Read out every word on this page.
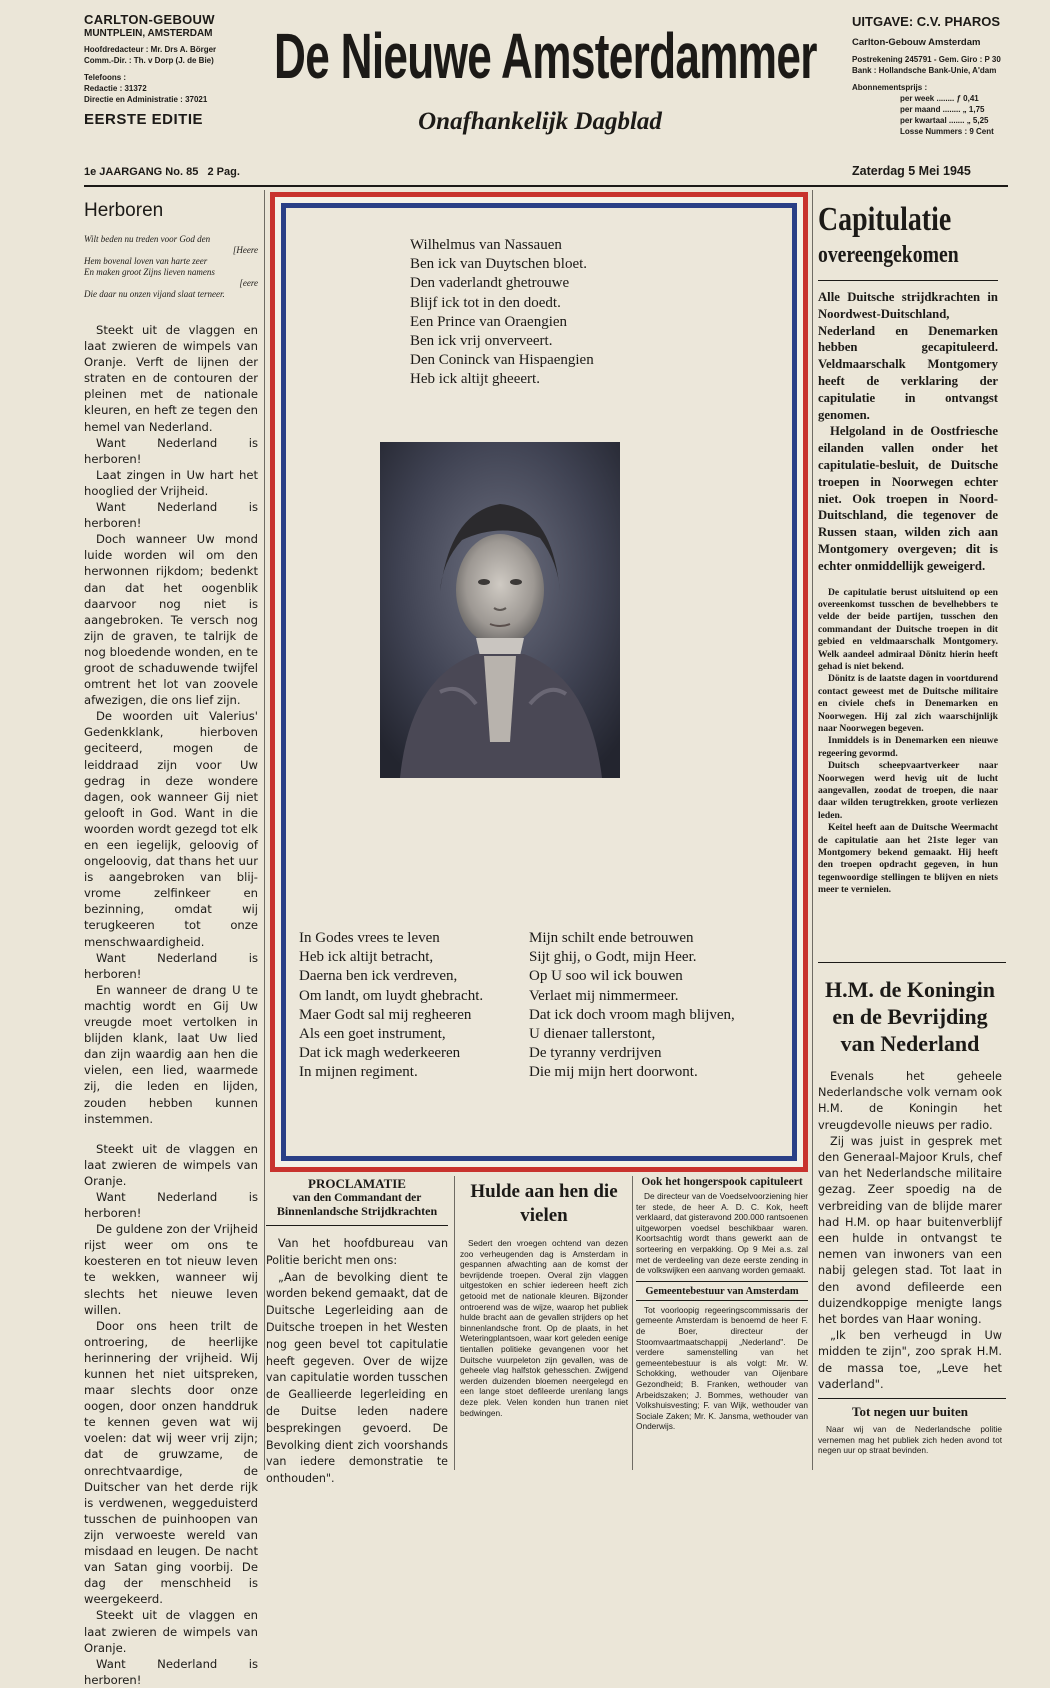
CARLTON-GEBOUW
MUNTPLEIN, AMSTERDAM
Hoofdredacteur : Mr. Drs A. Börger
Comm.-Dir. : Th. v Dorp (J. de Bie)
Telefoons :
Redactie : 31372
Directie en Administratie : 37021
EERSTE EDITIE
De Nieuwe Amsterdammer
Onafhankelijk Dagblad
UITGAVE: C.V. PHAROS
Carlton-Gebouw Amsterdam
Postrekening 245791 - Gem. Giro : P 30
Bank : Hollandsche Bank-Unie, A'dam
Abonnementsprijs :
per week ........ ƒ 0,41
per maand ........ „ 1,75
per kwartaal ....... „ 5,25
Losse Nummers : 9 Cent
1e JAARGANG No. 85   2 Pag.	Zaterdag 5 Mei 1945
Herboren
Wilt beden nu treden voor God den
[Heere
Hem bovenal loven van harte zeer
En maken groot Zijns lieven namens
[eere
Die daar nu onzen vijand slaat terneer.

Steekt uit de vlaggen en laat zwieren de wimpels van Oranje. Verft de lijnen der straten en de contouren der pleinen met de nationale kleuren, en heft ze tegen den hemel van Nederland.

Want Nederland is herboren!

Laat zingen in Uw hart het hooglied der Vrijheid.

Want Nederland is herboren!

Doch wanneer Uw mond luide worden wil om den herwonnen rijkdom; bedenkt dan dat het oogenblik daarvoor nog niet is aangebroken. Te versch nog zijn de graven, te talrijk de nog bloedende wonden, en te groot de schaduwende twijfel omtrent het lot van zoovele afwezigen, die ons lief zijn.

De woorden uit Valerius' Gedenkklank, hierboven geciteerd, mogen de leiddraad zijn voor Uw gedrag in deze wondere dagen, ook wanneer Gij niet gelooft in God. Want in die woorden wordt gezegd tot elk en een iegelijk, geloovig of ongeloovig, dat thans het uur is aangebroken van blij-vrome zelfinkeer en bezinning, omdat wij terugkeeren tot onze menschwaardigheid.

Want Nederland is herboren!

En wanneer de drang U te machtig wordt en Gij Uw vreugde moet vertolken in blijden klank, laat Uw lied dan zijn waardig aan hen die vielen, een lied, waarmede zij, die leden en lijden, zouden hebben kunnen instemmen.

Steekt uit de vlaggen en laat zwieren de wimpels van Oranje.

Want Nederland is herboren!

De guldene zon der Vrijheid rijst weer om ons te koesteren en tot nieuw leven te wekken, wanneer wij slechts het nieuwe leven willen.

Door ons heen trilt de ontroering, de heerlijke herinnering der vrijheid. Wij kunnen het niet uitspreken, maar slechts door onze oogen, door onzen handdruk te kennen geven wat wij voelen: dat wij weer vrij zijn; dat de gruwzame, de onrechtvaardige, de Duitscher van het derde rijk is verdwenen, weggeduisterd tusschen de puinhoopen van zijn verwoeste wereld van misdaad en leugen. De nacht van Satan ging voorbij. De dag der menschheid is weergekeerd.

Steekt uit de vlaggen en laat zwieren de wimpels van Oranje.

Want Nederland is herboren!

Wilhelmus van Nassauen
Ben ick van Duytschen bloet.
Den vaderlandt ghetrouwe
Blijf ick tot in den doedt.
Een Prince van Oraengien
Ben ick vrij onverveert.
Den Coninck van Hispaengien
Heb ick altijt gheeert.
In Godes vrees te leven
Heb ick altijt betracht,
Daerna ben ick verdreven,
Om landt, om luydt ghebracht.
Maer Godt sal mij regheeren
Als een goet instrument,
Dat ick magh wederkeeren
In mijnen regiment.
Mijn schilt ende betrouwen
Sijt ghij, o Godt, mijn Heer.
Op U soo wil ick bouwen
Verlaet mij nimmermeer.
Dat ick doch vroom magh blijven,
U dienaer tallerstont,
De tyranny verdrijven
Die mij mijn hert doorwont.
Capitulatie
overeengekomen
Alle Duitsche strijdkrachten in Noordwest-Duitschland, Nederland en Denemarken hebben gecapituleerd. Veldmaarschalk Montgomery heeft de verklaring der capitulatie in ontvangst genomen.
Helgoland in de Oostfriesche eilanden vallen onder het capitulatie-besluit, de Duitsche troepen in Noorwegen echter niet. Ook troepen in Noord-Duitschland, die tegenover de Russen staan, wilden zich aan Montgomery overgeven; dit is echter onmiddellijk geweigerd.

De capitulatie berust uitsluitend op een overeenkomst tusschen de bevelhebbers te velde der beide partijen, tusschen den commandant der Duitsche troepen in dit gebied en veldmaarschalk Montgomery. Welk aandeel admiraal Dönitz hierin heeft gehad is niet bekend.

Dönitz is de laatste dagen in voortdurend contact geweest met de Duitsche militaire en civiele chefs in Denemarken en Noorwegen. Hij zal zich waarschijnlijk naar Noorwegen begeven.

Inmiddels is in Denemarken een nieuwe regeering gevormd.

Duitsch scheepvaartverkeer naar Noorwegen werd hevig uit de lucht aangevallen, zoodat de troepen, die naar daar wilden terugtrekken, groote verliezen leden.

Keitel heeft aan de Duitsche Weermacht de capitulatie aan het 21ste leger van Montgomery bekend gemaakt. Hij heeft den troepen opdracht gegeven, in hun tegenwoordige stellingen te blijven en niets meer te vernielen.

H.M. de Koningin en de Bevrijding van Nederland

Evenals het geheele Nederlandsche volk vernam ook H.M. de Koningin het vreugdevolle nieuws per radio.

Zij was juist in gesprek met den Generaal-Majoor Kruls, chef van het Nederlandsche militaire gezag. Zeer spoedig na de verbreiding van de blijde marer had H.M. op haar buitenverblijf een hulde in ontvangst te nemen van inwoners van een nabij gelegen stad. Tot laat in den avond defileerde een duizendkoppige menigte langs het bordes van Haar woning.

„Ik ben verheugd in Uw midden te zijn", zoo sprak H.M. de massa toe, „Leve het vaderland".

Tot negen uur buiten
Naar wij van de Nederlandsche politie vernemen mag het publiek zich heden avond tot negen uur op straat bevinden.
PROCLAMATIE
van den Commandant der
Binnenlandsche Strijdkrachten

Van het hoofdbureau van Politie bericht men ons:

„Aan de bevolking dient te worden bekend gemaakt, dat de Duitsche Legerleiding aan de Duitsche troepen in het Westen nog geen bevel tot capitulatie heeft gegeven. Over de wijze van capitulatie worden tusschen de Geallieerde legerleiding en de Duitse leden nadere besprekingen gevoerd. De Bevolking dient zich voorshands van iedere demonstratie te onthouden".

Hulde aan hen die vielen
Sedert den vroegen ochtend van dezen zoo verheugenden dag is Amsterdam in gespannen afwachting aan de komst der bevrijdende troepen. Overal zijn vlaggen uitgestoken en schier iedereen heeft zich getooid met de nationale kleuren. Bijzonder ontroerend was de wijze, waarop het publiek hulde bracht aan de gevallen strijders op het binnenlandsche front. Op de plaats, in het Weteringplantsoen, waar kort geleden eenige tientallen politieke gevangenen voor het Duitsche vuurpeleton zijn gevallen, was de geheele vlag halfstok gehesschen. Zwijgend werden duizenden bloemen neergelegd en een lange stoet defileerde urenlang langs deze plek. Velen konden hun tranen niet bedwingen.
Ook het hongerspook capituleert
De directeur van de Voedselvoorziening hier ter stede, de heer A. D. C. Kok, heeft verklaard, dat gisteravond 200.000 rantsoenen uitgeworpen voedsel beschikbaar waren. Koortsachtig wordt thans gewerkt aan de sorteering en verpakking. Op 9 Mei a.s. zal met de verdeeling van deze eerste zending in de volkswijken een aanvang worden gemaakt.
Gemeentebestuur van Amsterdam
Tot voorloopig regeeringscommissaris der gemeente Amsterdam is benoemd de heer F. de Boer, directeur der Stoomvaartmaatschappij „Nederland". De verdere samenstelling van het gemeentebestuur is als volgt: Mr. W. Schokking, wethouder van Oijenbare Gezondheid; B. Franken, wethouder van Arbeidszaken; J. Bommes, wethouder van Volkshuisvesting; F. van Wijk, wethouder van Sociale Zaken; Mr. K. Jansma, wethouder van Onderwijs.
